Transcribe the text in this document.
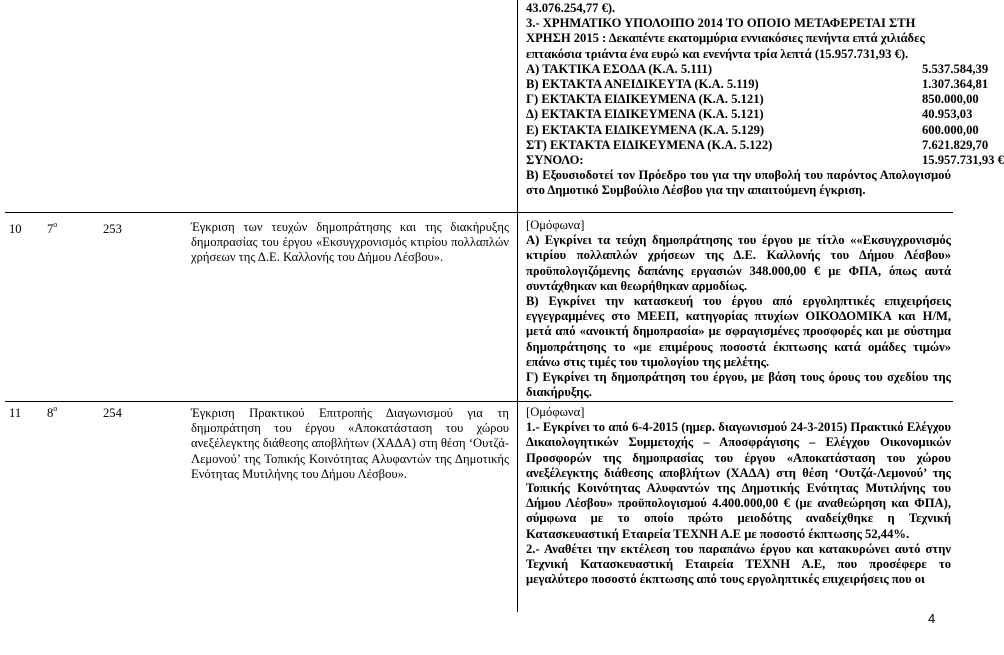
43.076.254,77 €).
3.- ΧΡΗΜΑΤΙΚΟ ΥΠΟΛΟΙΠΟ 2014 ΤΟ ΟΠΟΙΟ ΜΕΤΑΦΕΡΕΤΑΙ ΣΤΗ
ΧΡΗΣΗ 2015 : Δεκαπέντε εκατομμύρια εννιακόσιες πενήντα επτά χιλιάδες
επτακόσια τριάντα ένα ευρώ και ενενήντα τρία λεπτά (15.957.731,93 €).
Α) ΤΑΚΤΙΚΑ ΕΣΟΔΑ (Κ.Α. 5.111)	5.537.584,39
Β) ΕΚΤΑΚΤΑ ΑΝΕΙΔΙΚΕΥΤΑ (Κ.Α. 5.119)	1.307.364,81
Γ) ΕΚΤΑΚΤΑ ΕΙΔΙΚΕΥΜΕΝΑ (Κ.Α. 5.121)	850.000,00
Δ) ΕΚΤΑΚΤΑ ΕΙΔΙΚΕΥΜΕΝΑ (Κ.Α. 5.121)	40.953,03
Ε) ΕΚΤΑΚΤΑ ΕΙΔΙΚΕΥΜΕΝΑ (Κ.Α. 5.129)	600.000,00
ΣΤ) ΕΚΤΑΚΤΑ ΕΙΔΙΚΕΥΜΕΝΑ (Κ.Α. 5.122)	7.621.829,70
ΣΥΝΟΛΟ:	15.957.731,93 €
Β) Εξουσιοδοτεί τον Πρόεδρο του για την υποβολή του παρόντος Απολογισμού στο Δημοτικό Συμβούλιο Λέσβου για την απαιτούμενη έγκριση.
10 $7^o$	253	Έγκριση των τευχών δημοπράτησης και της διακήρυξης δημοπρασίας του έργου «Εκσυγχρονισμός κτιρίου πολλαπλών χρήσεων της Δ.Ε. Καλλονής του Δήμου Λέσβου».
[Ομόφωνα]
Α) Εγκρίνει τα τεύχη δημοπράτησης του έργου με τίτλο ««Εκσυγχρονισμός κτιρίου πολλαπλών χρήσεων της Δ.Ε. Καλλονής του Δήμου Λέσβου» προϋπολογιζόμενης δαπάνης εργασιών 348.000,00 € με ΦΠΑ, όπως αυτά συντάχθηκαν και θεωρήθηκαν αρμοδίως.
Β) Εγκρίνει την κατασκευή του έργου από εργοληπτικές επιχειρήσεις εγγεγραμμένες στο ΜΕΕΠ, κατηγορίας πτυχίων ΟΙΚΟΔΟΜΙΚΑ και Η/Μ, μετά από «ανοικτή δημοπρασία» με σφραγισμένες προσφορές και με σύστημα δημοπράτησης το «με επιμέρους ποσοστά έκπτωσης κατά ομάδες τιμών» επάνω στις τιμές του τιμολογίου της μελέτης.
Γ) Εγκρίνει τη δημοπράτηση του έργου, με βάση τους όρους του σχεδίου της διακήρυξης.
11 $8^o$	254	Έγκριση Πρακτικού Επιτροπής Διαγωνισμού για τη δημοπράτηση του έργου «Αποκατάσταση του χώρου ανεξέλεγκτης διάθεσης αποβλήτων (ΧΑΔΑ) στη θέση ‘Ουτζά-Λεμονού’ της Τοπικής Κοινότητας Αλυφαντών της Δημοτικής Ενότητας Μυτιλήνης του Δήμου Λέσβου».
[Ομόφωνα]
1.- Εγκρίνει το από 6-4-2015 (ημερ. διαγωνισμού 24-3-2015) Πρακτικό Ελέγχου Δικαιολογητικών Συμμετοχής – Αποσφράγισης – Ελέγχου Οικονομικών Προσφορών της δημοπρασίας του έργου «Αποκατάσταση του χώρου ανεξέλεγκτης διάθεσης αποβλήτων (ΧΑΔΑ) στη θέση ‘Ουτζά-Λεμονού’ της Τοπικής Κοινότητας Αλυφαντών της Δημοτικής Ενότητας Μυτιλήνης του Δήμου Λέσβου» προϋπολογισμού 4.400.000,00 € (με αναθεώρηση και ΦΠΑ), σύμφωνα με το οποίο πρώτο μειοδότης αναδείχθηκε η Τεχνική Κατασκευαστική Εταιρεία ΤΕΧΝΗ Α.Ε με ποσοστό έκπτωσης 52,44%.
2.- Αναθέτει την εκτέλεση του παραπάνω έργου και κατακυρώνει αυτό στην Τεχνική Κατασκευαστική Εταιρεία ΤΕΧΝΗ Α.Ε, που προσέφερε το μεγαλύτερο ποσοστό έκπτωσης από τους εργοληπτικές επιχειρήσεις που οι
4
